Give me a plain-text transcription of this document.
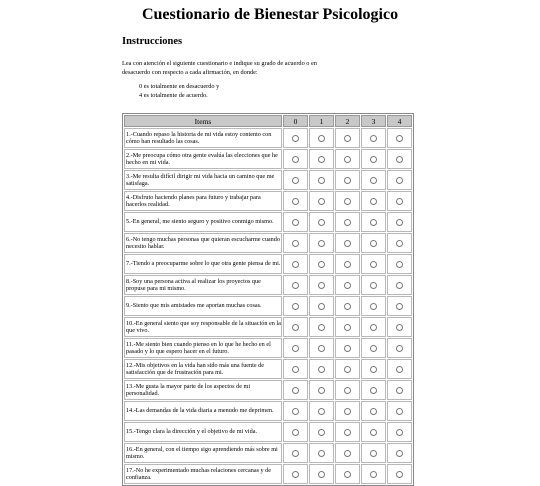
Cuestionario de Bienestar Psicologico
Instrucciones
Lea con atención el siguiente cuestionario e indique su grado de acuerdo o en desacuerdo con respecto a cada afirmación, en donde:
0 es totalmente en desacuerdo y
4 es totalmente de acuerdo.
Items	0	1	2	3	4
1.-Cuando repaso la historia de mi vida estoy contento con cómo han resultado las cosas.					
2.-Me preocupa cómo otra gente evalúa las elecciones que he hecho en mi vida.					
3.-Me resulta difícil dirigir mi vida hacia un camino que me satisfaga.					
4.-Disfruto haciendo planes para futuro y trabajar para hacerlos realidad.					
5.-En general, me siento seguro y positivo conmigo mismo.					
6.-No tengo muchas personas que quieran escucharme cuando necesito hablar.					
7.-Tiendo a preocuparme sobre lo que otra gente piensa de mi.					
8.-Soy una persona activa al realizar los proyectos que propuse para mi mismo.					
9.-Siento que mis amistades me aportan muchas cosas.					
10.-En general siento que soy responsable de la situación en la que vivo.					
11.-Me siento bien cuando pienso en lo que he hecho en el pasado y lo que espero hacer en el futuro.					
12.-Mis objetivos en la vida han sido más una fuente de satisfacción que de frustración para mi.					
13.-Me gusta la mayor parte de los aspectos de mi personalidad.					
14.-Las demandas de la vida diaria a menudo me deprimen.					
15.-Tengo clara la dirección y el objetivo de mi vida.					
16.-En general, con el tiempo sigo aprendiendo más sobre mi mismo.					
17.-No he experimentado muchas relaciones cercanas y de confianza.					
